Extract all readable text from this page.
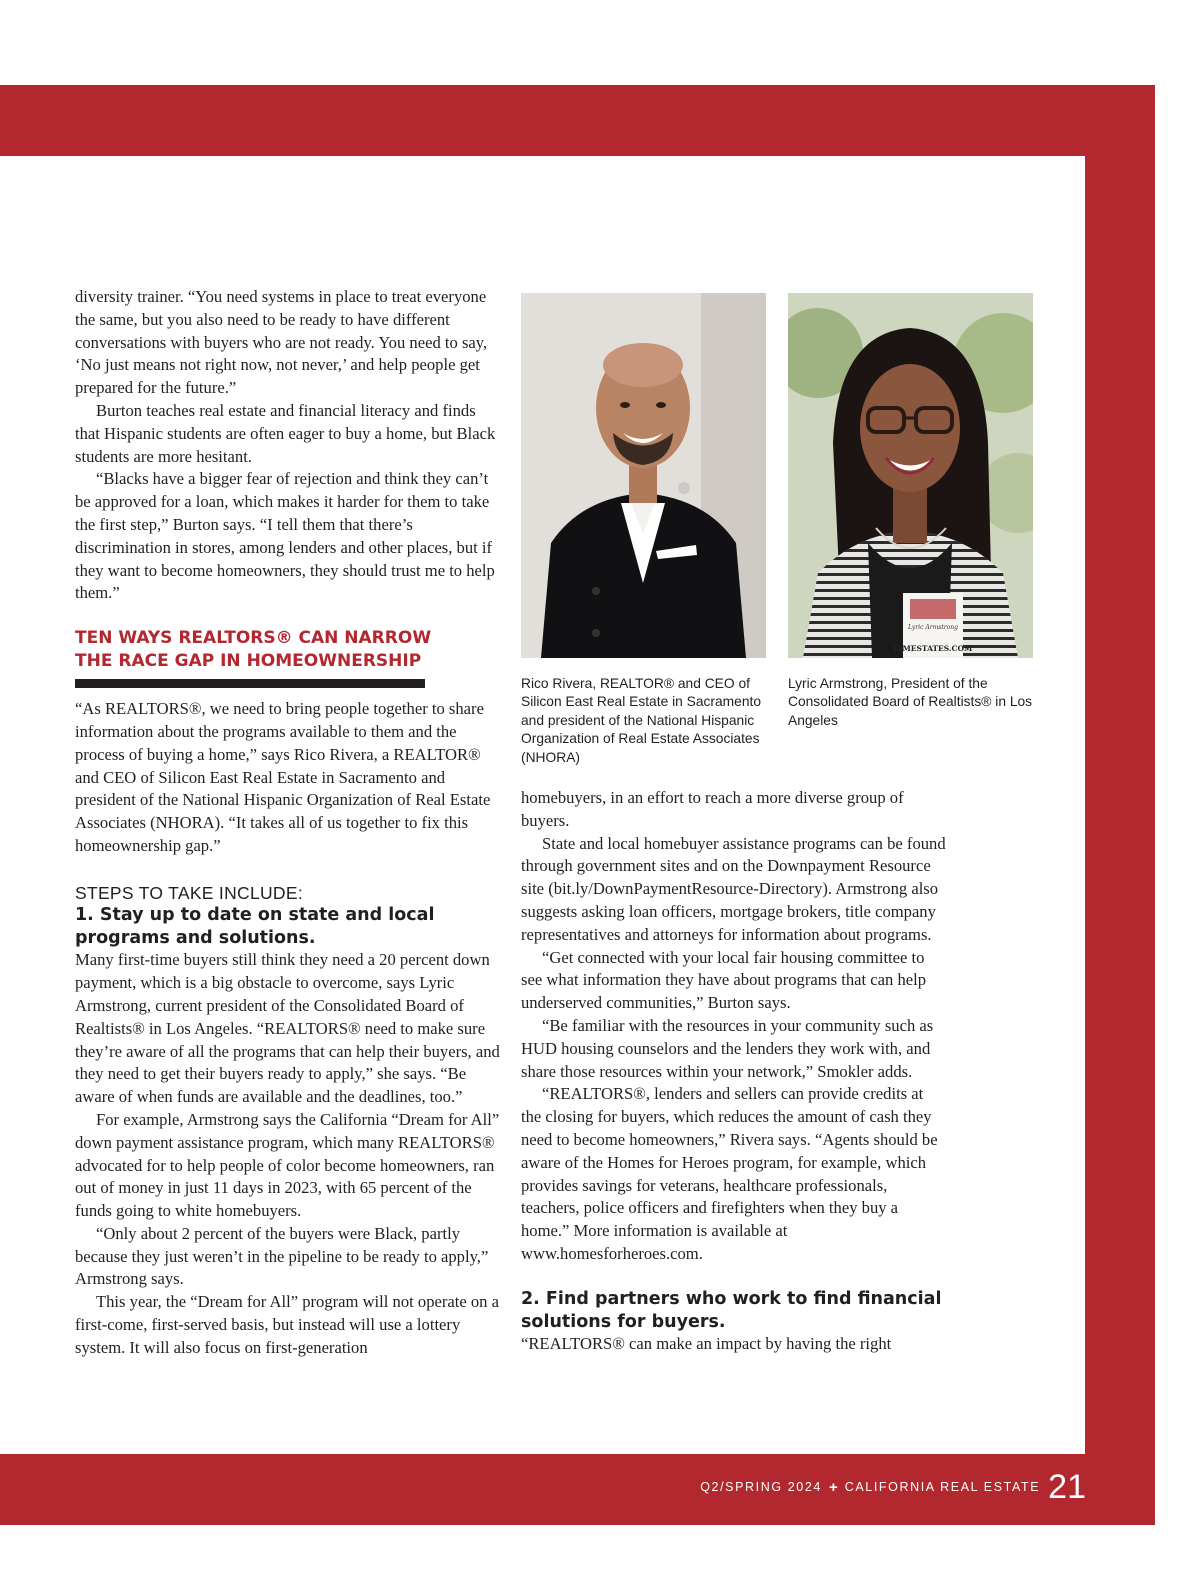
diversity trainer. “You need systems in place to treat everyone the same, but you also need to be ready to have different conversations with buyers who are not ready. You need to say, ‘No just means not right now, not never,’ and help people get prepared for the future.”

Burton teaches real estate and financial literacy and finds that Hispanic students are often eager to buy a home, but Black students are more hesitant.

“Blacks have a bigger fear of rejection and think they can’t be approved for a loan, which makes it harder for them to take the first step,” Burton says. “I tell them that there’s discrimination in stores, among lenders and other places, but if they want to become homeowners, they should trust me to help them.”

TEN WAYS REALTORS® CAN NARROW
THE RACE GAP IN HOMEOWNERSHIP

“As REALTORS®, we need to bring people together to share information about the programs available to them and the process of buying a home,” says Rico Rivera, a REALTOR® and CEO of Silicon East Real Estate in Sacramento and president of the National Hispanic Organization of Real Estate Associates (NHORA). “It takes all of us together to fix this homeownership gap.”

STEPS TO TAKE INCLUDE:
1. Stay up to date on state and local programs and solutions.

Many first-time buyers still think they need a 20 percent down payment, which is a big obstacle to overcome, says Lyric Armstrong, current president of the Consolidated Board of Realtists® in Los Angeles. “REALTORS® need to make sure they’re aware of all the programs that can help their buyers, and they need to get their buyers ready to apply,” she says. “Be aware of when funds are available and the deadlines, too.”

For example, Armstrong says the California “Dream for All” down payment assistance program, which many REALTORS® advocated for to help people of color become homeowners, ran out of money in just 11 days in 2023, with 65 percent of the funds going to white homebuyers.

“Only about 2 percent of the buyers were Black, partly because they just weren’t in the pipeline to be ready to apply,” Armstrong says.

This year, the “Dream for All” program will not operate on a first-come, first-served basis, but instead will use a lottery system. It will also focus on first-generation

Lyric Armstrong
LJMESTATES.COM
Rico Rivera, REALTOR® and CEO of Silicon East Real Estate in Sacramento and president of the National Hispanic Organization of Real Estate Associates (NHORA)
Lyric Armstrong, President of the Consolidated Board of Realtists® in Los Angeles

homebuyers, in an effort to reach a more diverse group of buyers.

State and local homebuyer assistance programs can be found through government sites and on the Downpayment Resource site (bit.ly/DownPaymentResource-Directory). Armstrong also suggests asking loan officers, mortgage brokers, title company representatives and attorneys for information about programs.

“Get connected with your local fair housing committee to see what information they have about programs that can help underserved communities,” Burton says.

“Be familiar with the resources in your community such as HUD housing counselors and the lenders they work with, and share those resources within your network,” Smokler adds.

“REALTORS®, lenders and sellers can provide credits at the closing for buyers, which reduces the amount of cash they need to become homeowners,” Rivera says. “Agents should be aware of the Homes for Heroes program, for example, which provides savings for veterans, healthcare professionals, teachers, police officers and firefighters when they buy a home.” More information is available at www.homesforheroes.com.

2. Find partners who work to find financial solutions for buyers.

“REALTORS® can make an impact by having the right

Q2/SPRING 2024 + CALIFORNIA REAL ESTATE 21
